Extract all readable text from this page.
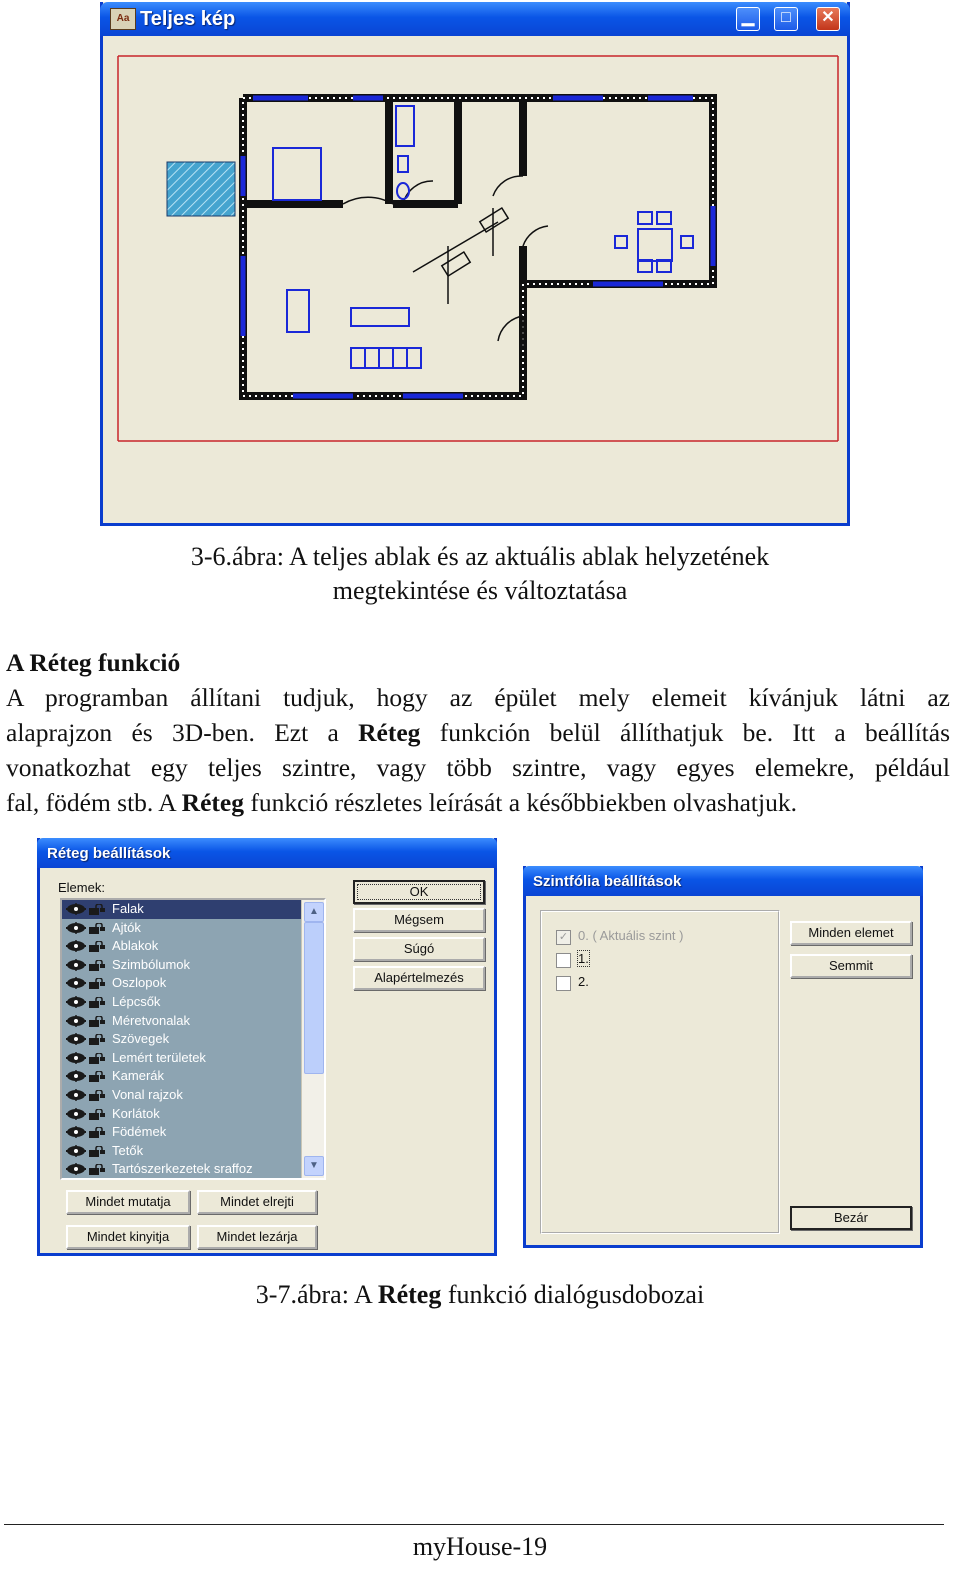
Aa Teljes kép	▁	□	✕
3-6.ábra: A teljes ablak és az aktuális ablak helyzetének megtekintése és változtatása
A Réteg funkció
A programban állítani tudjuk, hogy az épület mely elemeit kívánjuk látni az
alaprajzon és 3D-ben. Ezt a Réteg funkción belül állíthatjuk be. Itt a beállítás
vonatkozhat egy teljes szintre, vagy több szintre, vagy egyes elemekre, például
fal, födém stb. A Réteg funkció részletes leírását a későbbiekben olvashatjuk.
Réteg beállítások
Elemek:
Falak
Ajtók
Ablakok
Szimbólumok
Oszlopok
Lépcsők
Méretvonalak
Szövegek
Lemért területek
Kamerák
Vonal rajzok
Korlátok
Födémek
Tetők
Tartószerkezetek sraffoz
▲
▼
OK
Mégsem
Súgó
Alapértelmezés
Mindet mutatja	Mindet elrejti
Mindet kinyitja	Mindet lezárja
Szintfólia beállítások
✓ 0. ( Aktuális szint )
1.
2.
Minden elemet
Semmit
Bezár
3-7.ábra: A Réteg funkció dialógusdobozai
myHouse-19
